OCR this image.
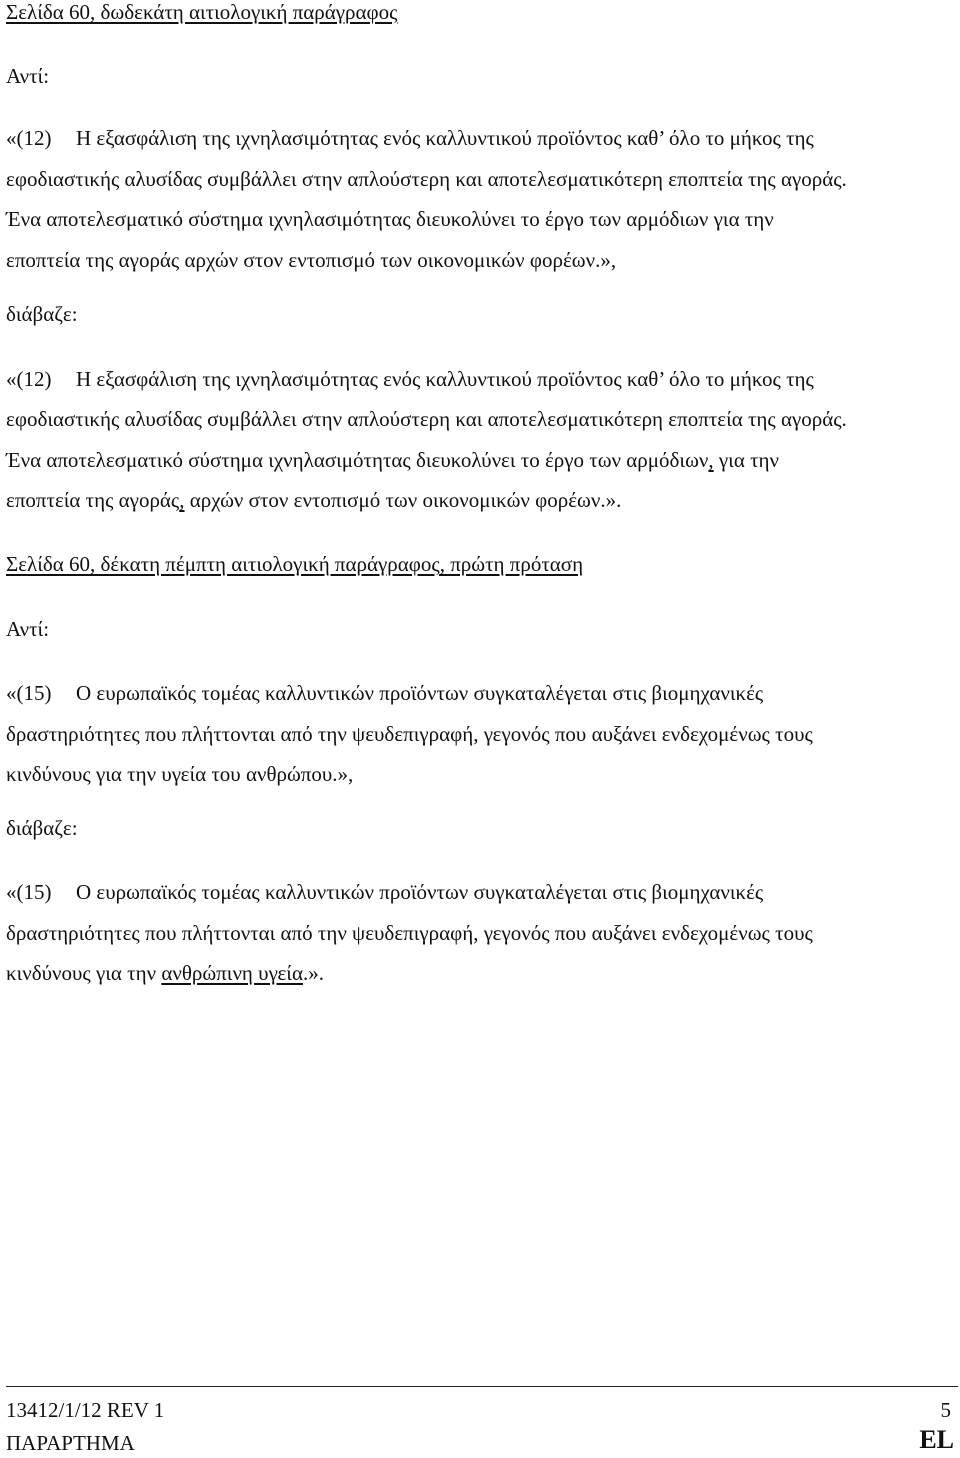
Σελίδα 60, δωδεκάτη αιτιολογική παράγραφος
Αντί:
«(12) Η εξασφάλιση της ιχνηλασιμότητας ενός καλλυντικού προϊόντος καθ’ όλο το μήκος της
εφοδιαστικής αλυσίδας συμβάλλει στην απλούστερη και αποτελεσματικότερη εποπτεία της αγοράς.
Ένα αποτελεσματικό σύστημα ιχνηλασιμότητας διευκολύνει το έργο των αρμόδιων για την
εποπτεία της αγοράς αρχών στον εντοπισμό των οικονομικών φορέων.»,
διάβαζε:
«(12) Η εξασφάλιση της ιχνηλασιμότητας ενός καλλυντικού προϊόντος καθ’ όλο το μήκος της
εφοδιαστικής αλυσίδας συμβάλλει στην απλούστερη και αποτελεσματικότερη εποπτεία της αγοράς.
Ένα αποτελεσματικό σύστημα ιχνηλασιμότητας διευκολύνει το έργο των αρμόδιων, για την
εποπτεία της αγοράς, αρχών στον εντοπισμό των οικονομικών φορέων.».
Σελίδα 60, δέκατη πέμπτη αιτιολογική παράγραφος, πρώτη πρόταση
Αντί:
«(15) Ο ευρωπαϊκός τομέας καλλυντικών προϊόντων συγκαταλέγεται στις βιομηχανικές
δραστηριότητες που πλήττονται από την ψευδεπιγραφή, γεγονός που αυξάνει ενδεχομένως τους
κινδύνους για την υγεία του ανθρώπου.»,
διάβαζε:
«(15) Ο ευρωπαϊκός τομέας καλλυντικών προϊόντων συγκαταλέγεται στις βιομηχανικές
δραστηριότητες που πλήττονται από την ψευδεπιγραφή, γεγονός που αυξάνει ενδεχομένως τους
κινδύνους για την ανθρώπινη υγεία.».
13412/1/12 REV 1
ΠΑΡΑΡΤΗΜΑ
5
EL
